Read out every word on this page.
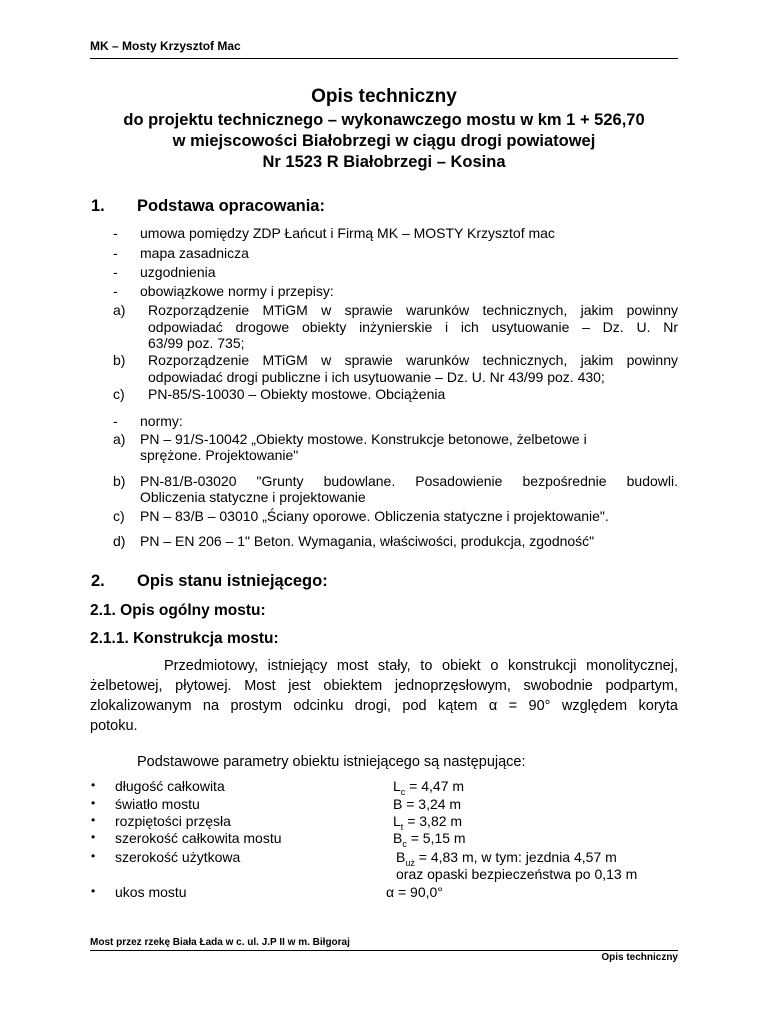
MK – Mosty Krzysztof Mac
Opis techniczny
do projektu technicznego – wykonawczego mostu w km 1 + 526,70
w miejscowości Białobrzegi w ciągu drogi powiatowej
Nr 1523 R Białobrzegi – Kosina
1. Podstawa opracowania:
- umowa pomiędzy ZDP Łańcut i Firmą MK – MOSTY Krzysztof mac
- mapa zasadnicza
- uzgodnienia
- obowiązkowe normy i przepisy:
a) Rozporządzenie MTiGM w sprawie warunków technicznych, jakim powinny
odpowiadać drogowe obiekty inżynierskie i ich usytuowanie – Dz. U. Nr
63/99 poz. 735;
b) Rozporządzenie MTiGM w sprawie warunków technicznych, jakim powinny
odpowiadać drogi publiczne i ich usytuowanie – Dz. U. Nr 43/99 poz. 430;
c) PN-85/S-10030 – Obiekty mostowe. Obciążenia
- normy:
a) PN – 91/S-10042 „Obiekty mostowe. Konstrukcje betonowe, żelbetowe i
sprężone. Projektowanie"
b) PN-81/B-03020 "Grunty budowlane. Posadowienie bezpośrednie budowli.
Obliczenia statyczne i projektowanie
c) PN – 83/B – 03010 „Ściany oporowe. Obliczenia statyczne i projektowanie".
d) PN – EN 206 – 1" Beton. Wymagania, właściwości, produkcja, zgodność"
2. Opis stanu istniejącego:
2.1. Opis ogólny mostu:
2.1.1. Konstrukcja mostu:
Przedmiotowy, istniejący most stały, to obiekt o konstrukcji monolitycznej,
żelbetowej, płytowej. Most jest obiektem jednoprzęsłowym, swobodnie podpartym,
zlokalizowanym na prostym odcinku drogi, pod kątem α = 90° względem koryta
potoku.
Podstawowe parametry obiektu istniejącego są następujące:
• długość całkowita	$L_c = 4,47$ m
• światło mostu	B = 3,24 m
• rozpiętości przęsła	$L_t = 3,82$ m
• szerokość całkowita mostu	$B_c = 5,15$ m
• szerokość użytkowa	$B_{uż} = 4,83$ m, w tym: jezdnia 4,57 m
oraz opaski bezpieczeństwa po 0,13 m
• ukos mostu	α = 90,0°
Most przez rzekę Biała Łada w c. ul. J.P II w m. Biłgoraj
Opis techniczny
